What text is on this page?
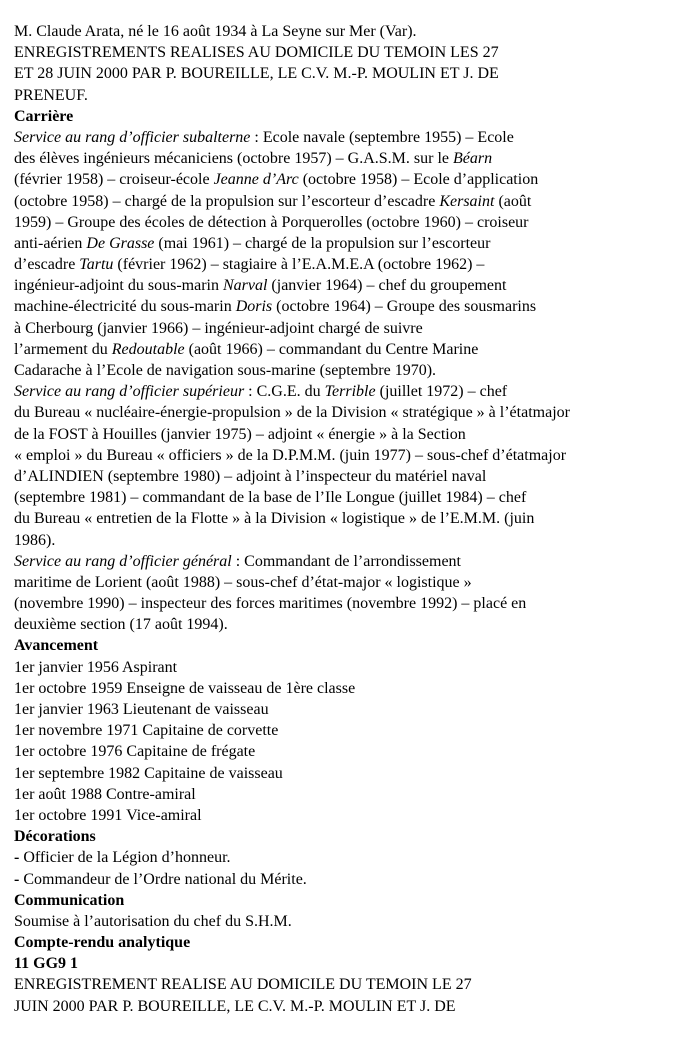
M. Claude Arata, né le 16 août 1934 à La Seyne sur Mer (Var).
ENREGISTREMENTS REALISES AU DOMICILE DU TEMOIN LES 27
ET 28 JUIN 2000 PAR P. BOUREILLE, LE C.V. M.-P. MOULIN ET J. DE
PRENEUF.
Carrière
Service au rang d’officier subalterne : Ecole navale (septembre 1955) – Ecole
des élèves ingénieurs mécaniciens (octobre 1957) – G.A.S.M. sur le Béarn
(février 1958) – croiseur-école Jeanne d’Arc (octobre 1958) – Ecole d’application
(octobre 1958) – chargé de la propulsion sur l’escorteur d’escadre Kersaint (août
1959) – Groupe des écoles de détection à Porquerolles (octobre 1960) – croiseur
anti-aérien De Grasse (mai 1961) – chargé de la propulsion sur l’escorteur
d’escadre Tartu (février 1962) – stagiaire à l’E.A.M.E.A (octobre 1962) –
ingénieur-adjoint du sous-marin Narval (janvier 1964) – chef du groupement
machine-électricité du sous-marin Doris (octobre 1964) – Groupe des sousmarins
à Cherbourg (janvier 1966) – ingénieur-adjoint chargé de suivre
l’armement du Redoutable (août 1966) – commandant du Centre Marine
Cadarache à l’Ecole de navigation sous-marine (septembre 1970).
Service au rang d’officier supérieur : C.G.E. du Terrible (juillet 1972) – chef
du Bureau « nucléaire-énergie-propulsion » de la Division « stratégique » à l’étatmajor
de la FOST à Houilles (janvier 1975) – adjoint « énergie » à la Section
« emploi » du Bureau « officiers » de la D.P.M.M. (juin 1977) – sous-chef d’étatmajor
d’ALINDIEN (septembre 1980) – adjoint à l’inspecteur du matériel naval
(septembre 1981) – commandant de la base de l’Ile Longue (juillet 1984) – chef
du Bureau « entretien de la Flotte » à la Division « logistique » de l’E.M.M. (juin
1986).
Service au rang d’officier général : Commandant de l’arrondissement
maritime de Lorient (août 1988) – sous-chef d’état-major « logistique »
(novembre 1990) – inspecteur des forces maritimes (novembre 1992) – placé en
deuxième section (17 août 1994).
Avancement
1er janvier 1956 Aspirant
1er octobre 1959 Enseigne de vaisseau de 1ère classe
1er janvier 1963 Lieutenant de vaisseau
1er novembre 1971 Capitaine de corvette
1er octobre 1976 Capitaine de frégate
1er septembre 1982 Capitaine de vaisseau
1er août 1988 Contre-amiral
1er octobre 1991 Vice-amiral
Décorations
- Officier de la Légion d’honneur.
- Commandeur de l’Ordre national du Mérite.
Communication
Soumise à l’autorisation du chef du S.H.M.
Compte-rendu analytique
11 GG9 1
ENREGISTREMENT REALISE AU DOMICILE DU TEMOIN LE 27
JUIN 2000 PAR P. BOUREILLE, LE C.V. M.-P. MOULIN ET J. DE
